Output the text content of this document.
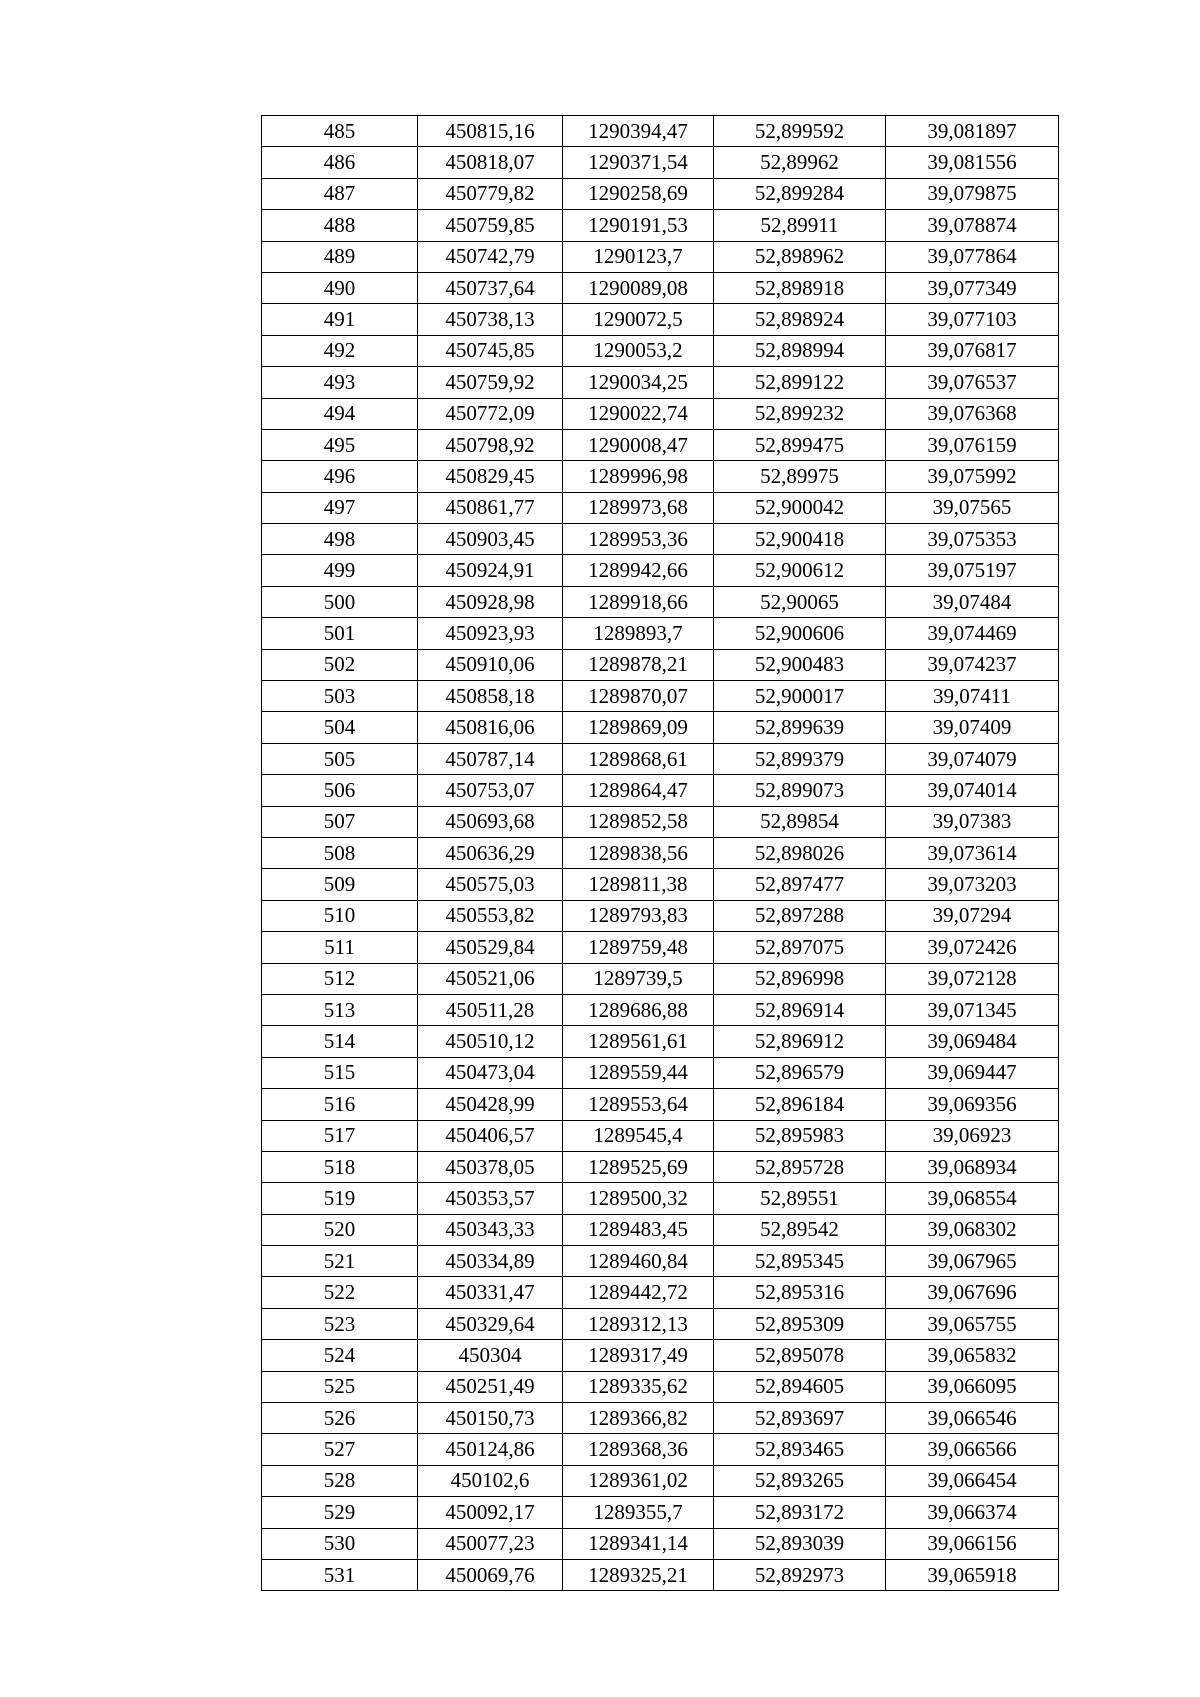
485	450815,16	1290394,47	52,899592	39,081897
486	450818,07	1290371,54	52,89962	39,081556
487	450779,82	1290258,69	52,899284	39,079875
488	450759,85	1290191,53	52,89911	39,078874
489	450742,79	1290123,7	52,898962	39,077864
490	450737,64	1290089,08	52,898918	39,077349
491	450738,13	1290072,5	52,898924	39,077103
492	450745,85	1290053,2	52,898994	39,076817
493	450759,92	1290034,25	52,899122	39,076537
494	450772,09	1290022,74	52,899232	39,076368
495	450798,92	1290008,47	52,899475	39,076159
496	450829,45	1289996,98	52,89975	39,075992
497	450861,77	1289973,68	52,900042	39,07565
498	450903,45	1289953,36	52,900418	39,075353
499	450924,91	1289942,66	52,900612	39,075197
500	450928,98	1289918,66	52,90065	39,07484
501	450923,93	1289893,7	52,900606	39,074469
502	450910,06	1289878,21	52,900483	39,074237
503	450858,18	1289870,07	52,900017	39,07411
504	450816,06	1289869,09	52,899639	39,07409
505	450787,14	1289868,61	52,899379	39,074079
506	450753,07	1289864,47	52,899073	39,074014
507	450693,68	1289852,58	52,89854	39,07383
508	450636,29	1289838,56	52,898026	39,073614
509	450575,03	1289811,38	52,897477	39,073203
510	450553,82	1289793,83	52,897288	39,07294
511	450529,84	1289759,48	52,897075	39,072426
512	450521,06	1289739,5	52,896998	39,072128
513	450511,28	1289686,88	52,896914	39,071345
514	450510,12	1289561,61	52,896912	39,069484
515	450473,04	1289559,44	52,896579	39,069447
516	450428,99	1289553,64	52,896184	39,069356
517	450406,57	1289545,4	52,895983	39,06923
518	450378,05	1289525,69	52,895728	39,068934
519	450353,57	1289500,32	52,89551	39,068554
520	450343,33	1289483,45	52,89542	39,068302
521	450334,89	1289460,84	52,895345	39,067965
522	450331,47	1289442,72	52,895316	39,067696
523	450329,64	1289312,13	52,895309	39,065755
524	450304	1289317,49	52,895078	39,065832
525	450251,49	1289335,62	52,894605	39,066095
526	450150,73	1289366,82	52,893697	39,066546
527	450124,86	1289368,36	52,893465	39,066566
528	450102,6	1289361,02	52,893265	39,066454
529	450092,17	1289355,7	52,893172	39,066374
530	450077,23	1289341,14	52,893039	39,066156
531	450069,76	1289325,21	52,892973	39,065918
